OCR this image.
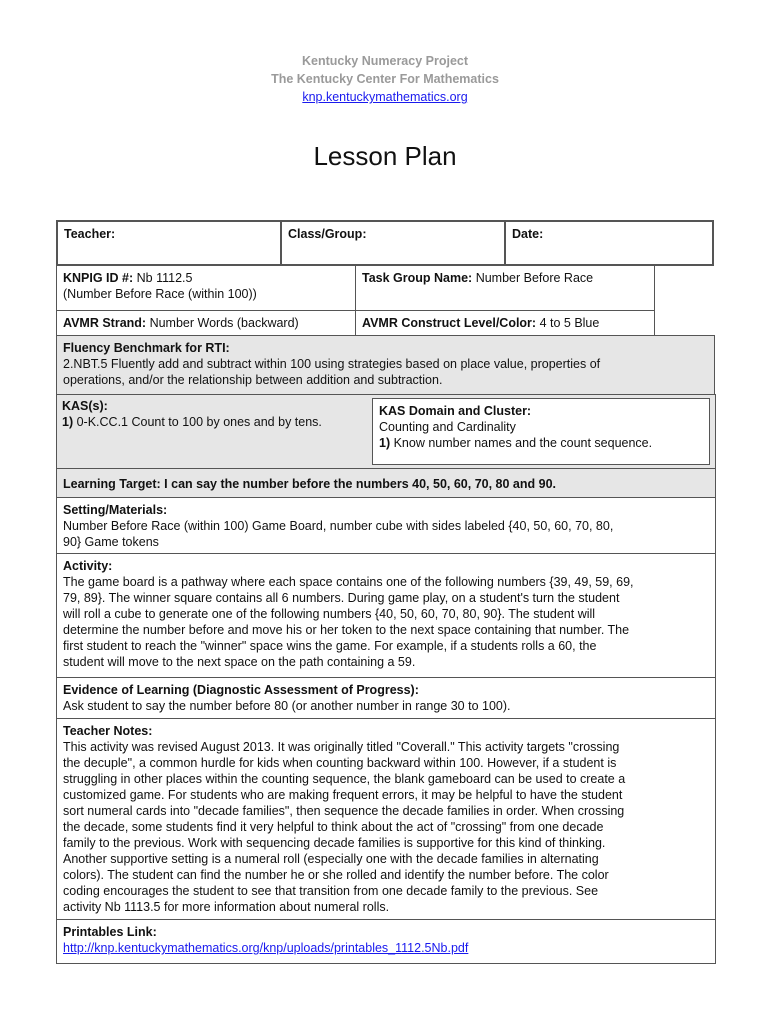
Kentucky Numeracy Project
The Kentucky Center For Mathematics
knp.kentuckymathematics.org
Lesson Plan
Teacher:	Class/Group:	Date:
KNPIG ID #: Nb 1112.5
(Number Before Race (within 100))
Task Group Name: Number Before Race
AVMR Strand: Number Words (backward)	AVMR Construct Level/Color: 4 to 5 Blue
Fluency Benchmark for RTI:
2.NBT.5 Fluently add and subtract within 100 using strategies based on place value, properties of
operations, and/or the relationship between addition and subtraction.
KAS(s):
1) 0-K.CC.1 Count to 100 by ones and by tens.
KAS Domain and Cluster:
Counting and Cardinality
1) Know number names and the count sequence.
Learning Target: I can say the number before the numbers 40, 50, 60, 70, 80 and 90.
Setting/Materials:
Number Before Race (within 100) Game Board, number cube with sides labeled {40, 50, 60, 70, 80,
90} Game tokens
Activity:
The game board is a pathway where each space contains one of the following numbers {39, 49, 59, 69,
79, 89}. The winner square contains all 6 numbers. During game play, on a student's turn the student
will roll a cube to generate one of the following numbers {40, 50, 60, 70, 80, 90}. The student will
determine the number before and move his or her token to the next space containing that number. The
first student to reach the "winner" space wins the game. For example, if a students rolls a 60, the
student will move to the next space on the path containing a 59.
Evidence of Learning (Diagnostic Assessment of Progress):
Ask student to say the number before 80 (or another number in range 30 to 100).
Teacher Notes:
This activity was revised August 2013. It was originally titled "Coverall." This activity targets "crossing
the decuple", a common hurdle for kids when counting backward within 100. However, if a student is
struggling in other places within the counting sequence, the blank gameboard can be used to create a
customized game. For students who are making frequent errors, it may be helpful to have the student
sort numeral cards into "decade families", then sequence the decade families in order. When crossing
the decade, some students find it very helpful to think about the act of "crossing" from one decade
family to the previous. Work with sequencing decade families is supportive for this kind of thinking.
Another supportive setting is a numeral roll (especially one with the decade families in alternating
colors). The student can find the number he or she rolled and identify the number before. The color
coding encourages the student to see that transition from one decade family to the previous. See
activity Nb 1113.5 for more information about numeral rolls.
Printables Link:
http://knp.kentuckymathematics.org/knp/uploads/printables_1112.5Nb.pdf
